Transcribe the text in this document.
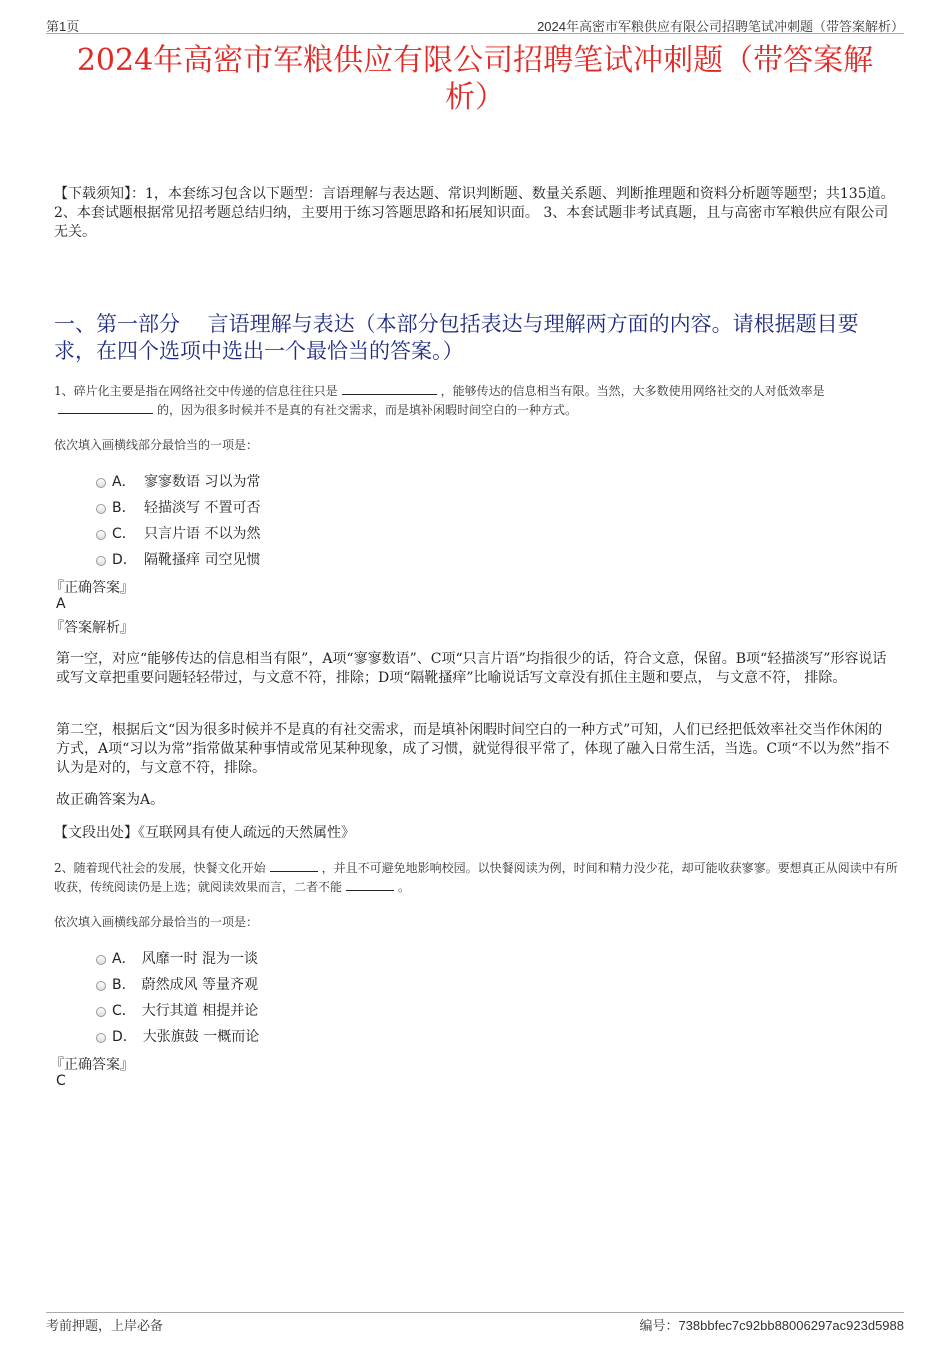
第1页	2024年高密市军粮供应有限公司招聘笔试冲刺题（带答案解析）
2024年高密市军粮供应有限公司招聘笔试冲刺题（带答案解析）
【下载须知】：1，本套练习包含以下题型：言语理解与表达题、常识判断题、数量关系题、判断推理题和资料分析题等题型；共135道。 2、本套试题根据常见招考题总结归纳，主要用于练习答题思路和拓展知识面。 3、本套试题非考试真题，且与高密市军粮供应有限公司无关。
一、第一部分　 言语理解与表达（本部分包括表达与理解两方面的内容。请根据题目要求，在四个选项中选出一个最恰当的答案。）
1、碎片化主要是指在网络社交中传递的信息往往只是	，能够传达的信息相当有限。当然，大多数使用网络社交的人对低效率是的，因为很多时候并不是真的有社交需求，而是填补闲暇时间空白的一种方式。
依次填入画横线部分最恰当的一项是：
A． 寥寥数语 习以为常
B． 轻描淡写 不置可否
C． 只言片语 不以为然
D． 隔靴搔痒 司空见惯
『正确答案』
A
『答案解析』
第一空，对应“能够传达的信息相当有限”，A项“寥寥数语”、C项“只言片语”均指很少的话，符合文意，保留。B项“轻描淡写”形容说话或写文章把重要问题轻轻带过，与文意不符，排除；D项“隔靴搔痒”比喻说话写文章没有抓住主题和要点， 与文意不符， 排除。
第二空，根据后文“因为很多时候并不是真的有社交需求，而是填补闲暇时间空白的一种方式”可知，人们已经把低效率社交当作休闲的方式，A项“习以为常”指常做某种事情或常见某种现象，成了习惯，就觉得很平常了，体现了融入日常生活，当选。C项“不以为然”指不认为是对的，与文意不符，排除。
故正确答案为A。
【文段出处】《互联网具有使人疏远的天然属性》
2、随着现代社会的发展，快餐文化开始	，并且不可避免地影响校园。以快餐阅读为例，时间和精力没少花，却可能收获寥寥。要想真正从阅读中有所收获，传统阅读仍是上选；就阅读效果而言，二者不能	。
依次填入画横线部分最恰当的一项是：
A． 风靡一时 混为一谈
B． 蔚然成风 等量齐观
C． 大行其道 相提并论
D． 大张旗鼓 一概而论
『正确答案』
C
考前押题，上岸必备	编号：738bbfec7c92bb88006297ac923d5988
